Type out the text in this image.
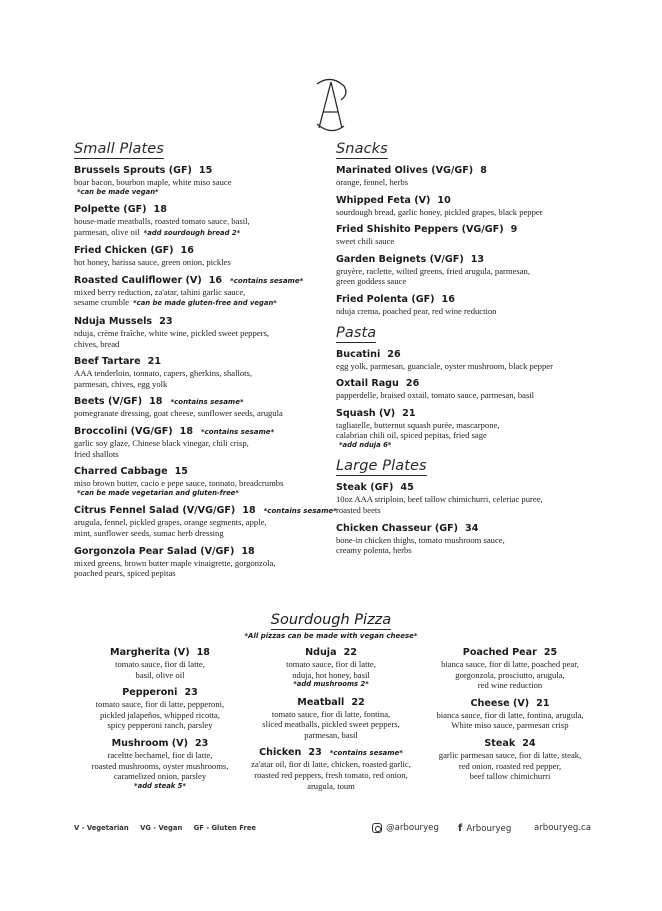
Small Plates
Brussels Sprouts (GF) 15
boar bacon, bourbon maple, white miso sauce
*can be made vegan*
Polpette (GF) 18
house-made meatballs, roasted tomato sauce, basil,
parmesan, olive oil *add sourdough bread 2*
Fried Chicken (GF) 16
hot honey, harissa sauce, green onion, pickles
Roasted Cauliflower (V) 16 *contains sesame*
mixed berry reduction, za'atar, tahini garlic sauce,
sesame crumble *can be made gluten-free and vegan*
Nduja Mussels 23
nduja, crème fraîche, white wine, pickled sweet peppers,
chives, bread
Beef Tartare 21
AAA tenderloin, tonnato, capers, gherkins, shallots,
parmesan, chives, egg yolk
Beets (V/GF) 18 *contains sesame*
pomegranate dressing, goat cheese, sunflower seeds, arugula
Broccolini (VG/GF) 18 *contains sesame*
garlic soy glaze, Chinese black vinegar, chili crisp,
fried shallots
Charred Cabbage 15
miso brown butter, cacio e pepe sauce, tonnato, breadcrumbs
*can be made vegetarian and gluten-free*
Citrus Fennel Salad (V/VG/GF) 18 *contains sesame*
arugula, fennel, pickled grapes, orange segments, apple,
mint, sunflower seeds, sumac herb dressing
Gorgonzola Pear Salad (V/GF) 18
mixed greens, brown butter maple vinaigrette, gorgonzola,
poached pears, spiced pepitas
Snacks
Marinated Olives (VG/GF) 8
orange, fennel, herbs
Whipped Feta (V) 10
sourdough bread, garlic honey, pickled grapes, black pepper
Fried Shishito Peppers (VG/GF) 9
sweet chili sauce
Garden Beignets (V/GF) 13
gruyère, raclette, wilted greens, fried arugula, parmesan,
green goddess sauce
Fried Polenta (GF) 16
nduja crema, poached pear, red wine reduction
Pasta
Bucatini 26
egg yolk, parmesan, guanciale, oyster mushroom, black pepper
Oxtail Ragu 26
papperdelle, braised oxtail, tomato sauce, parmesan, basil
Squash (V) 21
tagliatelle, butternut squash purée, mascarpone,
calabrian chili oil, spiced pepitas, fried sage
*add nduja 6*
Large Plates
Steak (GF) 45
10oz AAA striploin, beef tallow chimichurri, celeriac puree,
roasted beets
Chicken Chasseur (GF) 34
bone-in chicken thighs, tomato mushroom sauce,
creamy polenta, herbs
Sourdough Pizza
*All pizzas can be made with vegan cheese*
Margherita (V) 18
tomato sauce, fior di latte,
basil, olive oil
Pepperoni 23
tomato sauce, fior di latte, pepperoni,
pickled jalapeños, whipped ricotta,
spicy pepperoni ranch, parsley
Mushroom (V) 23
raceltte bechamel, fior di latte,
roasted mushrooms, oyster mushrooms,
caramelized onion, parsley
*add steak 5*
Nduja 22
tomato sauce, fior di latte,
nduja, hot honey, basil
*add mushrooms 2*
Meatball 22
tomato sauce, fior di latte, fontina,
sliced meatballs, pickled sweet peppers,
parmesan, basil
Chicken 23 *contains sesame*
za'atar oil, fior di latte, chicken, roasted garlic,
roasted red peppers, fresh tomato, red onion,
arugula, toum
Poached Pear 25
bianca sauce, fior di latte, poached pear,
gorgonzola, prosciutto, arugula,
red wine reduction
Cheese (V) 21
bianca sauce, fior di latte, fontina, arugula,
White miso sauce, parmesan crisp
Steak 24
garlic parmesan sauce, fior di latte, steak,
red onion, roasted red pepper,
beef tallow chimichurri
V - Vegetarian VG - Vegan GF - Gluten Free	@arbouryeg f Arbouryeg	arbouryeg.ca
